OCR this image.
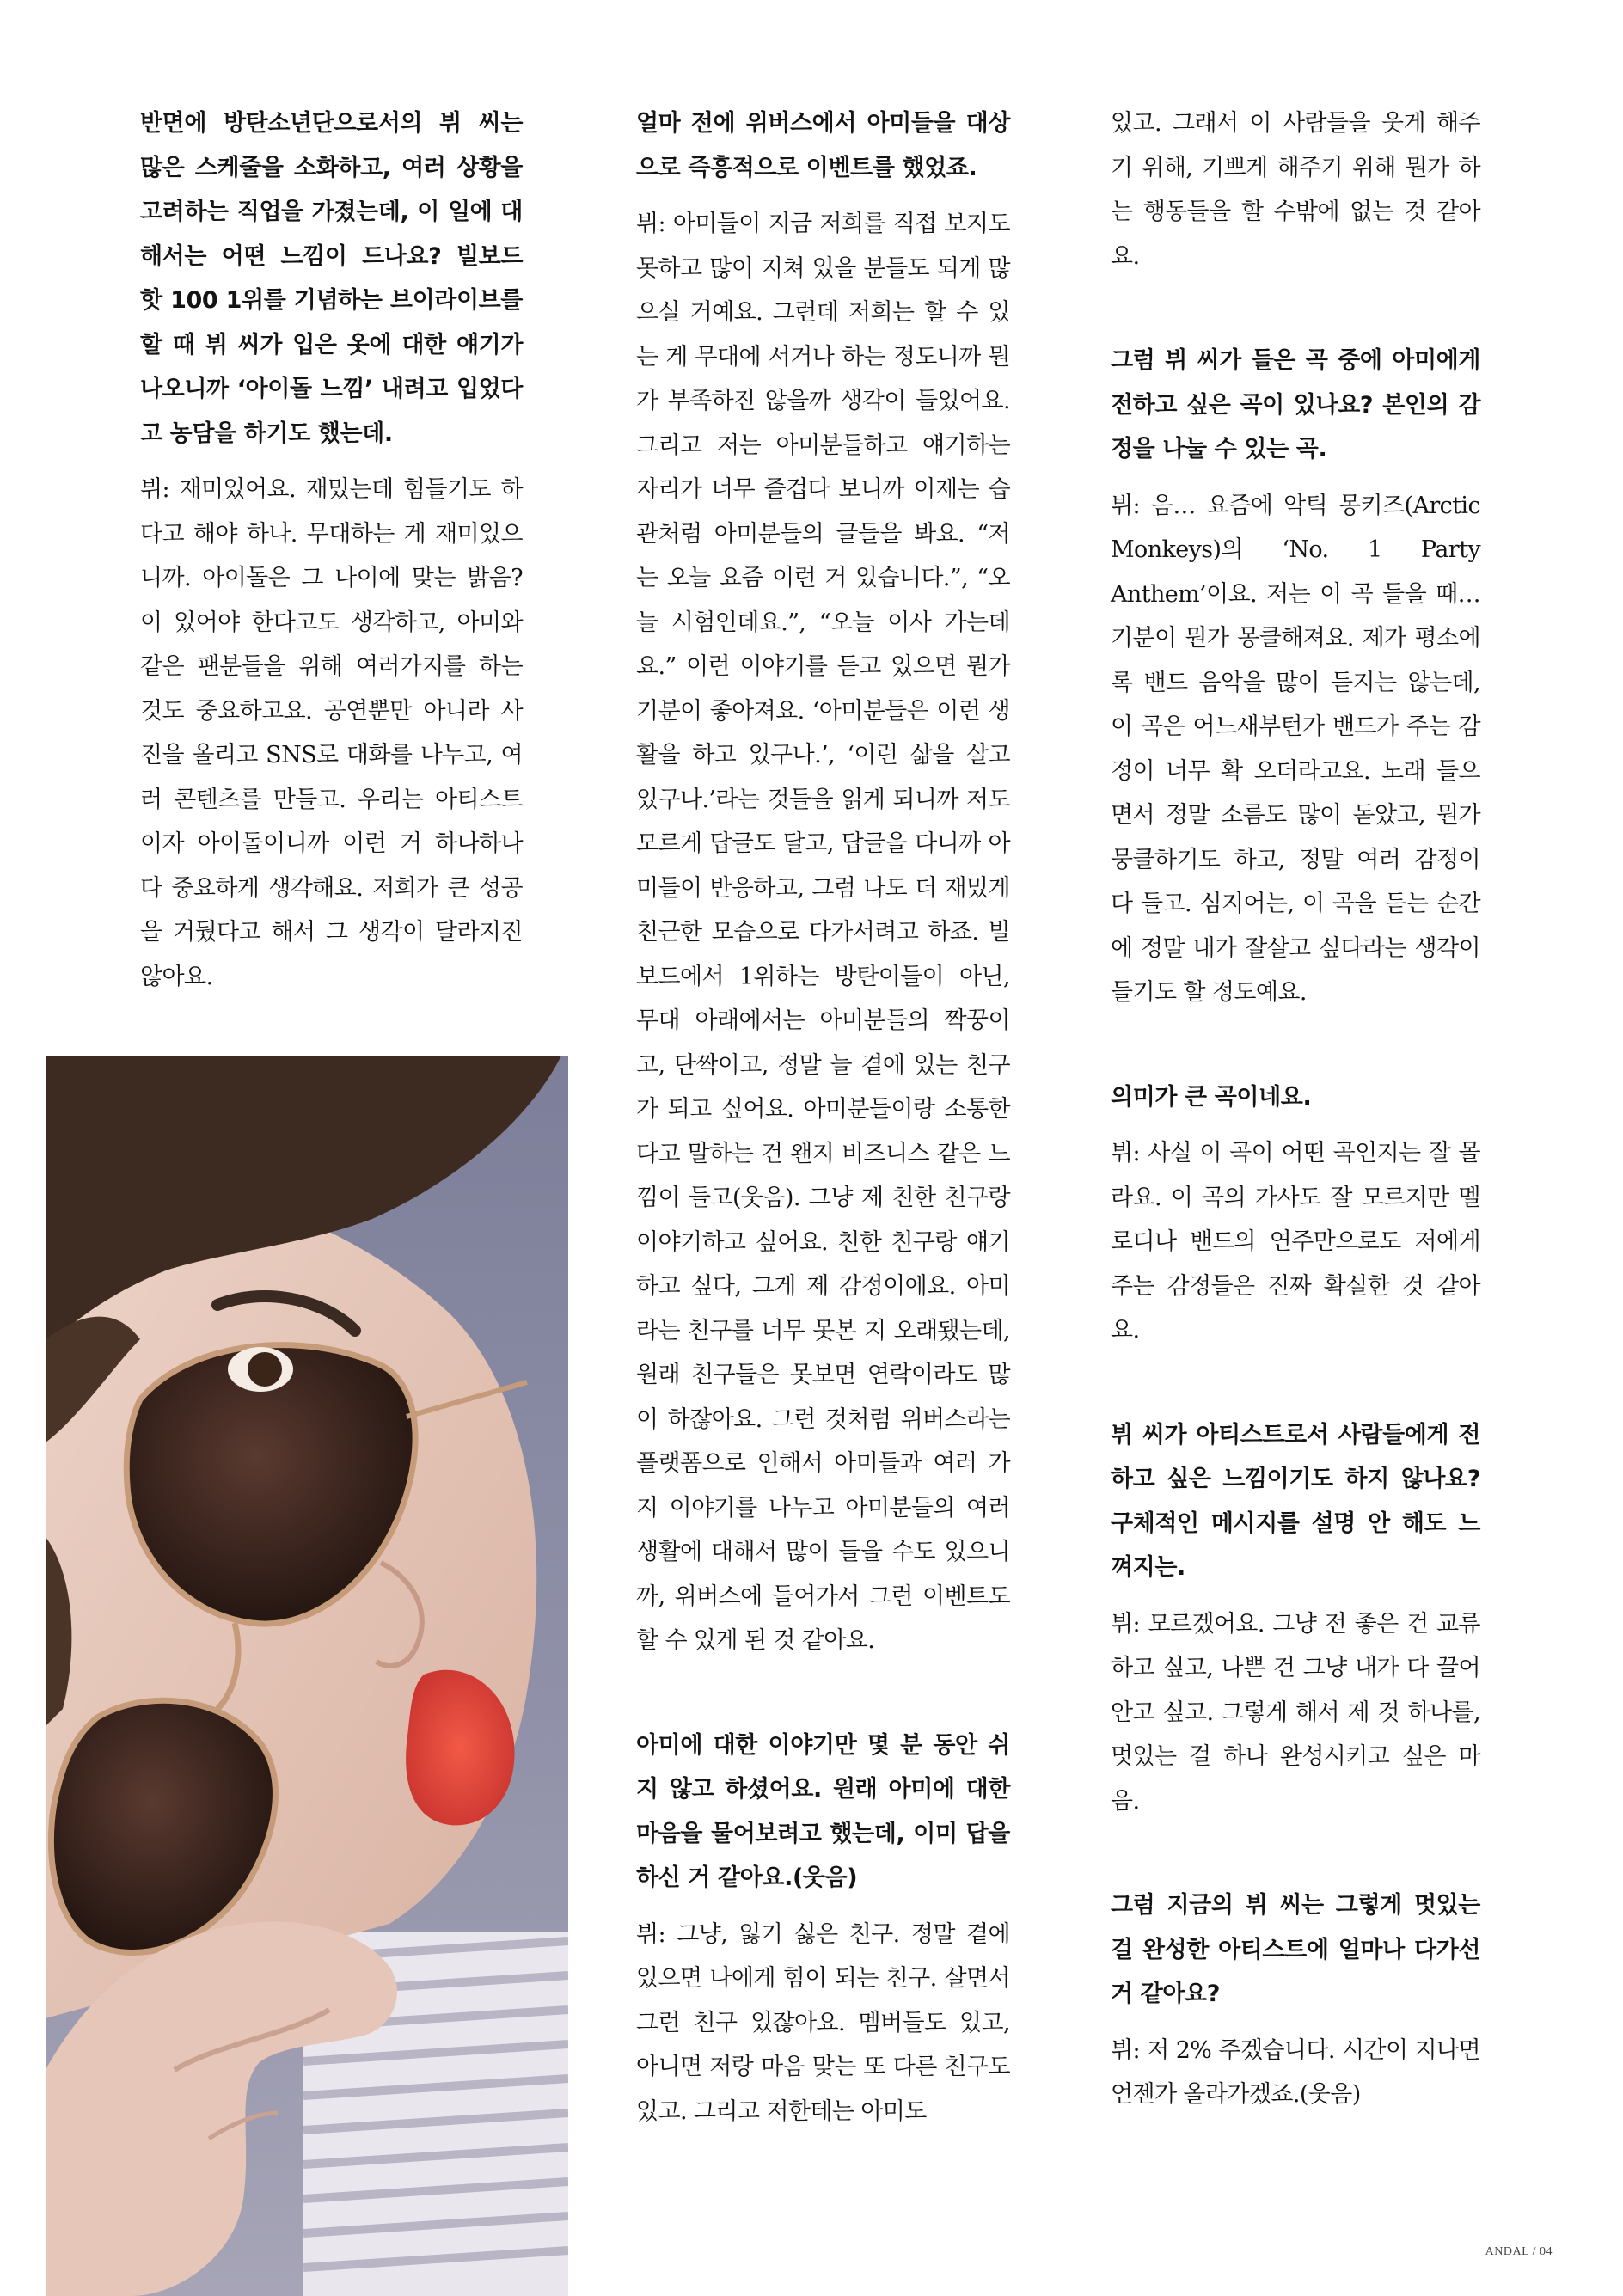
반면에 방탄소년단으로서의 뷔 씨는 많은 스케줄을 소화하고, 여러 상황을 고려하는 직업을 가졌는데, 이 일에 대해서는 어떤 느낌이 드나요? 빌보드 핫 100 1위를 기념하는 브이라이브를 할 때 뷔 씨가 입은 옷에 대한 얘기가 나오니까 ‘아이돌 느낌’ 내려고 입었다고 농담을 하기도 했는데.

뷔: 재미있어요. 재밌는데 힘들기도 하다고 해야 하나. 무대하는 게 재미있으니까. 아이돌은 그 나이에 맞는 밝음? 이 있어야 한다고도 생각하고, 아미와 같은 팬분들을 위해 여러가지를 하는 것도 중요하고요. 공연뿐만 아니라 사진을 올리고 SNS로 대화를 나누고, 여러 콘텐츠를 만들고. 우리는 아티스트이자 아이돌이니까 이런 거 하나하나 다 중요하게 생각해요. 저희가 큰 성공을 거뒀다고 해서 그 생각이 달라지진 않아요.

얼마 전에 위버스에서 아미들을 대상으로 즉흥적으로 이벤트를 했었죠.

뷔: 아미들이 지금 저희를 직접 보지도 못하고 많이 지쳐 있을 분들도 되게 많으실 거예요. 그런데 저희는 할 수 있는 게 무대에 서거나 하는 정도니까 뭔가 부족하진 않을까 생각이 들었어요. 그리고 저는 아미분들하고 얘기하는 자리가 너무 즐겁다 보니까 이제는 습관처럼 아미분들의 글들을 봐요. “저는 오늘 요즘 이런 거 있습니다.”, “오늘 시험인데요.”, “오늘 이사 가는데요.” 이런 이야기를 듣고 있으면 뭔가 기분이 좋아져요. ‘아미분들은 이런 생활을 하고 있구나.’, ‘이런 삶을 살고 있구나.’라는 것들을 읽게 되니까 저도 모르게 답글도 달고, 답글을 다니까 아미들이 반응하고, 그럼 나도 더 재밌게 친근한 모습으로 다가서려고 하죠. 빌보드에서 1위하는 방탄이들이 아닌, 무대 아래에서는 아미분들의 짝꿍이고, 단짝이고, 정말 늘 곁에 있는 친구가 되고 싶어요. 아미분들이랑 소통한다고 말하는 건 왠지 비즈니스 같은 느낌이 들고(웃음). 그냥 제 친한 친구랑 이야기하고 싶어요. 친한 친구랑 얘기하고 싶다, 그게 제 감정이에요. 아미라는 친구를 너무 못본 지 오래됐는데, 원래 친구들은 못보면 연락이라도 많이 하잖아요. 그런 것처럼 위버스라는 플랫폼으로 인해서 아미들과 여러 가지 이야기를 나누고 아미분들의 여러 생활에 대해서 많이 들을 수도 있으니까, 위버스에 들어가서 그런 이벤트도 할 수 있게 된 것 같아요.

아미에 대한 이야기만 몇 분 동안 쉬지 않고 하셨어요. 원래 아미에 대한 마음을 물어보려고 했는데, 이미 답을 하신 거 같아요.(웃음)

뷔: 그냥, 잃기 싫은 친구. 정말 곁에 있으면 나에게 힘이 되는 친구. 살면서 그런 친구 있잖아요. 멤버들도 있고, 아니면 저랑 마음 맞는 또 다른 친구도 있고. 그리고 저한테는 아미도

있고. 그래서 이 사람들을 웃게 해주기 위해, 기쁘게 해주기 위해 뭔가 하는 행동들을 할 수밖에 없는 것 같아요.

그럼 뷔 씨가 들은 곡 중에 아미에게 전하고 싶은 곡이 있나요? 본인의 감정을 나눌 수 있는 곡.

뷔: 음… 요즘에 악틱 몽키즈(Arctic Monkeys)의 ‘No. 1 Party Anthem’이요. 저는 이 곡 들을 때… 기분이 뭔가 몽클해져요. 제가 평소에 록 밴드 음악을 많이 듣지는 않는데, 이 곡은 어느새부턴가 밴드가 주는 감정이 너무 확 오더라고요. 노래 들으면서 정말 소름도 많이 돋았고, 뭔가 뭉클하기도 하고, 정말 여러 감정이 다 들고. 심지어는, 이 곡을 듣는 순간에 정말 내가 잘살고 싶다라는 생각이 들기도 할 정도예요.

의미가 큰 곡이네요.

뷔: 사실 이 곡이 어떤 곡인지는 잘 몰라요. 이 곡의 가사도 잘 모르지만 멜로디나 밴드의 연주만으로도 저에게 주는 감정들은 진짜 확실한 것 같아요.

뷔 씨가 아티스트로서 사람들에게 전하고 싶은 느낌이기도 하지 않나요? 구체적인 메시지를 설명 안 해도 느껴지는.

뷔: 모르겠어요. 그냥 전 좋은 건 교류하고 싶고, 나쁜 건 그냥 내가 다 끌어안고 싶고. 그렇게 해서 제 것 하나를, 멋있는 걸 하나 완성시키고 싶은 마음.

그럼 지금의 뷔 씨는 그렇게 멋있는 걸 완성한 아티스트에 얼마나 다가선 거 같아요?

뷔: 저 2% 주겠습니다. 시간이 지나면 언젠가 올라가겠죠.(웃음)

ANDAL / 04
